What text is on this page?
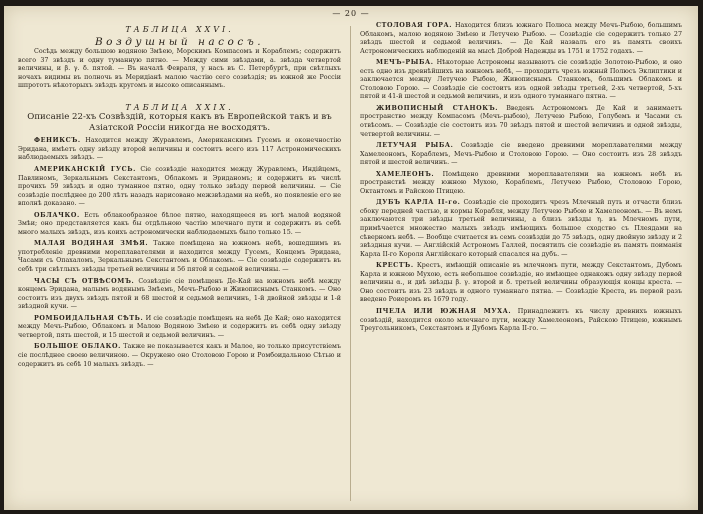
— 20 —
ТАБЛИЦА XXVI.
Воздушный насосъ.

Сосѣдь между большою водяною Змѣею, Морскимъ Компасомъ и Кораблемъ; содержитъ всего 37 звѣздъ и одну туманную пятно. — Между сими звѣздами, а. звѣзда четвертой величины, и β. γ. δ. пятой. — Въ началѣ Февраля, у насъ въ С. Петербургѣ, при свѣтлыхъ ночахъ видимы въ полночь въ Меридіанѣ малою частію сего созвѣздія; въ южной же Россіи шпрототъ нѣкоторыхъ звѣздъ кругомъ и высоко описаннымъ.

ТАБЛИЦА XXIX.
Описаніе 22-хъ Созвѣздій, которыя какъ въ Европейской такъ и въ Азіатской Россіи никогда не восходятъ.

ФЕНИКСЪ. Находится между Журавлемъ, Американскимъ Гусемъ и оконечностію Эридана, имѣетъ одну звѣзду второй величины и состоитъ всего изъ 117 Астрономическихъ наблюдаемыхъ звѣздъ. —

АМЕРИКАНСКІЙ ГУСЬ. Сіе созвѣздіе находится между Журавлемъ, Индійцемъ, Павлиномъ, Зеркальнымъ Секстантомъ, Облакомъ и Эриданомъ; и содержитъ въ числѣ прочихъ 59 звѣздъ и одно туманное пятно, одну только звѣзду первой величины. — Сіе созвѣздіе послѣднее до 200 лѣтъ назадъ нарисовано межзвѣздами на небѣ, но появленіе его не вполнѣ доказано. —

ОБЛАЧКО. Есть облакообразное бѣлое пятно, находящееся въ югѣ малой водяной Змѣи; оно представляется какъ бы отдѣльною частію млечнаго пути и содержитъ въ себѣ много малыхъ звѣздъ, изъ коихъ астрономически наблюдаемыхъ было только 15. —

МАЛАЯ ВОДЯНАЯ ЗМѢЯ. Также помѣщена на южномъ небѣ, вошедшимъ въ употребленіе древними мореплавателями и находится между Гусемъ, Концемъ Эридана, Часами съ Опахаломъ, Зеркальнымъ Секстантомъ и Облакомъ. — Сіе созвѣздіе содержитъ въ себѣ три свѣтлыхъ звѣзды третьей величины и 56 пятой и седьмой величины. —

ЧАСЫ СЪ ОТВѢСОМЪ. Созвѣздіе сіе помѣщенъ Де-Кай на южномъ небѣ между концемъ Эридана, малымъ водянымъ Змѣемъ, Мечъ-Рыбою и Живописнымъ Станкомъ. — Оно состоитъ изъ двухъ звѣздъ пятой и 68 шестой и седьмой величинъ, 1-й двойной звѣзды и 1-й звѣздной кучи. —

РОМБОИДАЛЬНАЯ СѢТЬ. И сіе созвѣздіе помѣщенъ на небѣ Де Кай; оно находится между Мечъ-Рыбою, Облакомъ и Малою Водяною Змѣею и содержитъ въ себѣ одну звѣзду четвертой, пять шестой, и 15 шестой и седьмой величинъ. —

БОЛЬШОЕ ОБЛАКО. Также не показывается какъ и Малое, но только присутствіемъ сіе послѣднее своею величиною. — Окружено оно Столовою Горою и Ромбоидальною Сѣтью и содержитъ въ себѣ 10 малыхъ звѣздъ. —

СТОЛОВАЯ ГОРА. Находится близъ южнаго Полюса между Мечъ-Рыбою, большимъ Облакомъ, малою водяною Змѣею и Летучею Рыбою. — Созвѣздіе сіе содержитъ только 27 звѣздъ шестой и седьмой величинъ. — Де Кай назвалъ его въ память своихъ Астрономическихъ наблюденій на мысѣ Доброй Надежды въ 1751 и 1752 годахъ. —

МЕЧЪ-РЫБА. Нѣкоторые Астрономы называютъ сіе созвѣздіе Золотою-Рыбою, и оно есть одно изъ древнѣйшихъ на южномъ небѣ, — проходитъ чрезъ южный Полюсъ Эклиптики и заключается между Летучею Рыбою, Живописнымъ Станкомъ, большимъ Облакомъ и Столовою Горою. — Созвѣздіе сіе состоитъ изъ одной звѣзды третьей, 2-хъ четвертой, 5-хъ пятой и 41-й шестой и седьмой величинъ, и изъ одного туманнаго пятна. —

ЖИВОПИСНЫЙ СТАНОКЪ. Введенъ Астрономомъ Де Кай и занимаетъ пространство между Компасомъ (Мечъ-рыбою), Летучею Рыбою, Голубемъ и Часами съ отвѣсомъ. — Созвѣздіе сіе состоитъ изъ 70 звѣздъ пятой и шестой величинъ и одной звѣзды, четвертой величины. —

ЛЕТУЧАЯ РЫБА. Созвѣздіе сіе введено древними мореплавателями между Хамелеономъ, Кораблемъ, Мечъ-Рыбою и Столовою Горою. — Оно состоитъ изъ 28 звѣздъ пятой и шестой величинъ. —

ХАМЕЛЕОНЪ. Помѣщено древними мореплавателями на южномъ небѣ въ пространствѣ между южною Мухою, Кораблемъ, Летучею Рыбою, Столовою Горою, Октантомъ и Райскою Птицею.

ДУБЪ КАРЛА II-го. Созвѣздіе сіе проходитъ чрезъ Млечный путь и отчасти близъ сбоку передней частью, и кормы Корабля, между Летучею Рыбою и Хамелеономъ. — Въ немъ заключаются три звѣзды третьей величины, а близъ звѣзды η. въ Млечномъ пути, примѣчается множество малыхъ звѣздъ имѣющихъ большое сходство съ Плеядами на сѣверномъ небѣ. — Вообще считается въ семъ созвѣздіи до 75 звѣздъ, одну двойную звѣзду и 2 звѣздныя кучи. — Англійскій Астрономъ Галлей, посвятилъ сіе созвѣздіе въ памятъ поиманія Карла II-го Короля Англійскаго который спасался на дубъ. —

КРЕСТЪ. Крестъ, имѣющій описаніе въ млечномъ пути, между Секстантомъ, Дубомъ Карла и южною Мухою, есть небольшое созвѣздіе, но имѣющее однакожъ одну звѣзду первой величины α., и двѣ звѣзды β. γ. второй и δ. третьей величины образующія концы креста. — Оно состоитъ изъ 23 звѣздъ и одного туманнаго пятна. — Созвѣздіе Креста, въ первой разъ введено Роиеромъ въ 1679 году.

ПЧЕЛА ИЛИ ЮЖНАЯ МУХА. Принадлежитъ къ числу древнихъ южныхъ созвѣздій, находится около млечнаго пути, между Хамелеономъ, Райскою Птицею, южнымъ Треугольникомъ, Секстантомъ и Дубомъ Карла II-го. —
